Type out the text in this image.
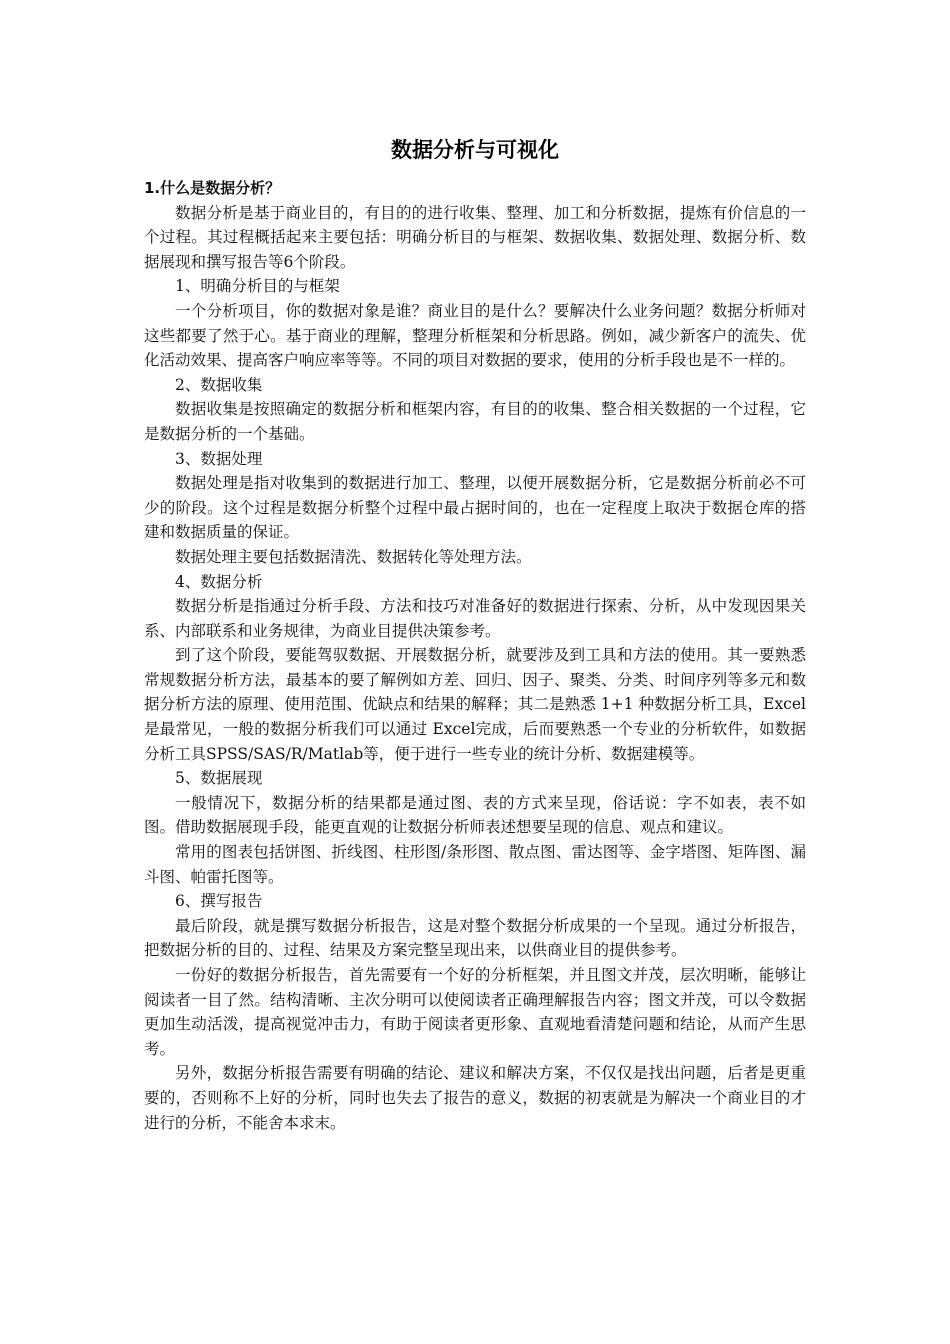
数据分析与可视化
1.什么是数据分析？

数据分析是基于商业目的，有目的的进行收集、整理、加工和分析数据，提炼有价信息的一个过程。其过程概括起来主要包括：明确分析目的与框架、数据收集、数据处理、数据分析、数据展现和撰写报告等6个阶段。

1、明确分析目的与框架

一个分析项目，你的数据对象是谁？商业目的是什么？要解决什么业务问题？数据分析师对这些都要了然于心。基于商业的理解，整理分析框架和分析思路。例如，减少新客户的流失、优化活动效果、提高客户响应率等等。不同的项目对数据的要求，使用的分析手段也是不一样的。

2、数据收集

数据收集是按照确定的数据分析和框架内容，有目的的收集、整合相关数据的一个过程，它是数据分析的一个基础。

3、数据处理

数据处理是指对收集到的数据进行加工、整理，以便开展数据分析，它是数据分析前必不可少的阶段。这个过程是数据分析整个过程中最占据时间的，也在一定程度上取决于数据仓库的搭建和数据质量的保证。

数据处理主要包括数据清洗、数据转化等处理方法。

4、数据分析

数据分析是指通过分析手段、方法和技巧对准备好的数据进行探索、分析，从中发现因果关系、内部联系和业务规律，为商业目提供决策参考。

到了这个阶段，要能驾驭数据、开展数据分析，就要涉及到工具和方法的使用。其一要熟悉常规数据分析方法，最基本的要了解例如方差、回归、因子、聚类、分类、时间序列等多元和数据分析方法的原理、使用范围、优缺点和结果的解释；其二是熟悉 1+1 种数据分析工具，Excel是最常见，一般的数据分析我们可以通过 Excel完成，后而要熟悉一个专业的分析软件，如数据分析工具SPSS/SAS/R/Matlab等，便于进行一些专业的统计分析、数据建模等。

5、数据展现

一般情况下，数据分析的结果都是通过图、表的方式来呈现，俗话说：字不如表，表不如图。借助数据展现手段，能更直观的让数据分析师表述想要呈现的信息、观点和建议。

常用的图表包括饼图、折线图、柱形图/条形图、散点图、雷达图等、金字塔图、矩阵图、漏斗图、帕雷托图等。

6、撰写报告

最后阶段，就是撰写数据分析报告，这是对整个数据分析成果的一个呈现。通过分析报告，把数据分析的目的、过程、结果及方案完整呈现出来，以供商业目的提供参考。

一份好的数据分析报告，首先需要有一个好的分析框架，并且图文并茂，层次明晰，能够让阅读者一目了然。结构清晰、主次分明可以使阅读者正确理解报告内容；图文并茂，可以令数据更加生动活泼，提高视觉冲击力，有助于阅读者更形象、直观地看清楚问题和结论，从而产生思考。

另外，数据分析报告需要有明确的结论、建议和解决方案，不仅仅是找出问题，后者是更重要的，否则称不上好的分析，同时也失去了报告的意义，数据的初衷就是为解决一个商业目的才进行的分析，不能舍本求末。
